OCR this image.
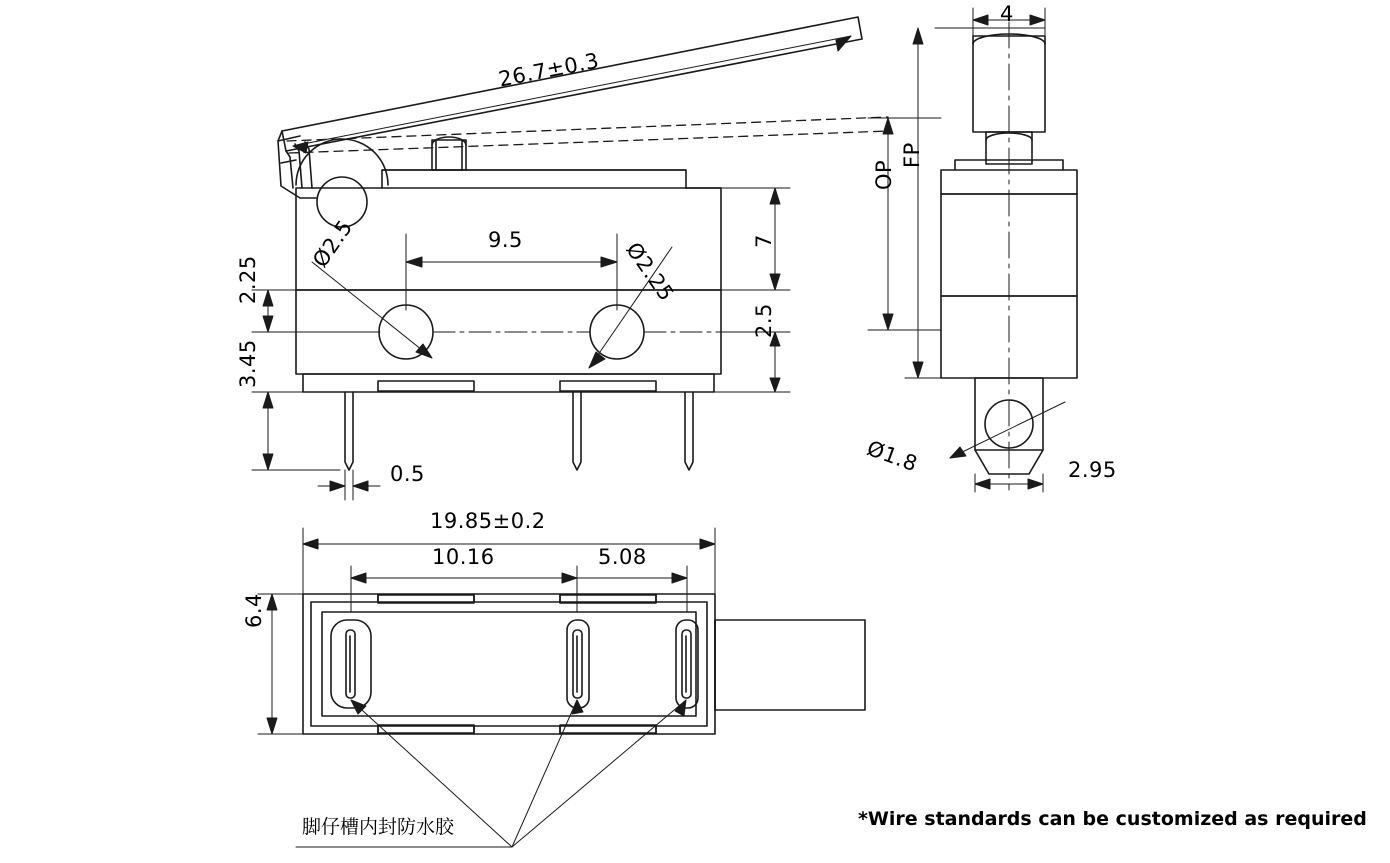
26.7±0.3
9.5
Ø2.5	Ø2.25
2.25
7
2.5
3.45
0.5
4
FP
OP
Ø1.8	2.95
19.85±0.2
10.16	5.08
6.4
脚仔槽内封防水胶	*Wire standards can be customized as required
